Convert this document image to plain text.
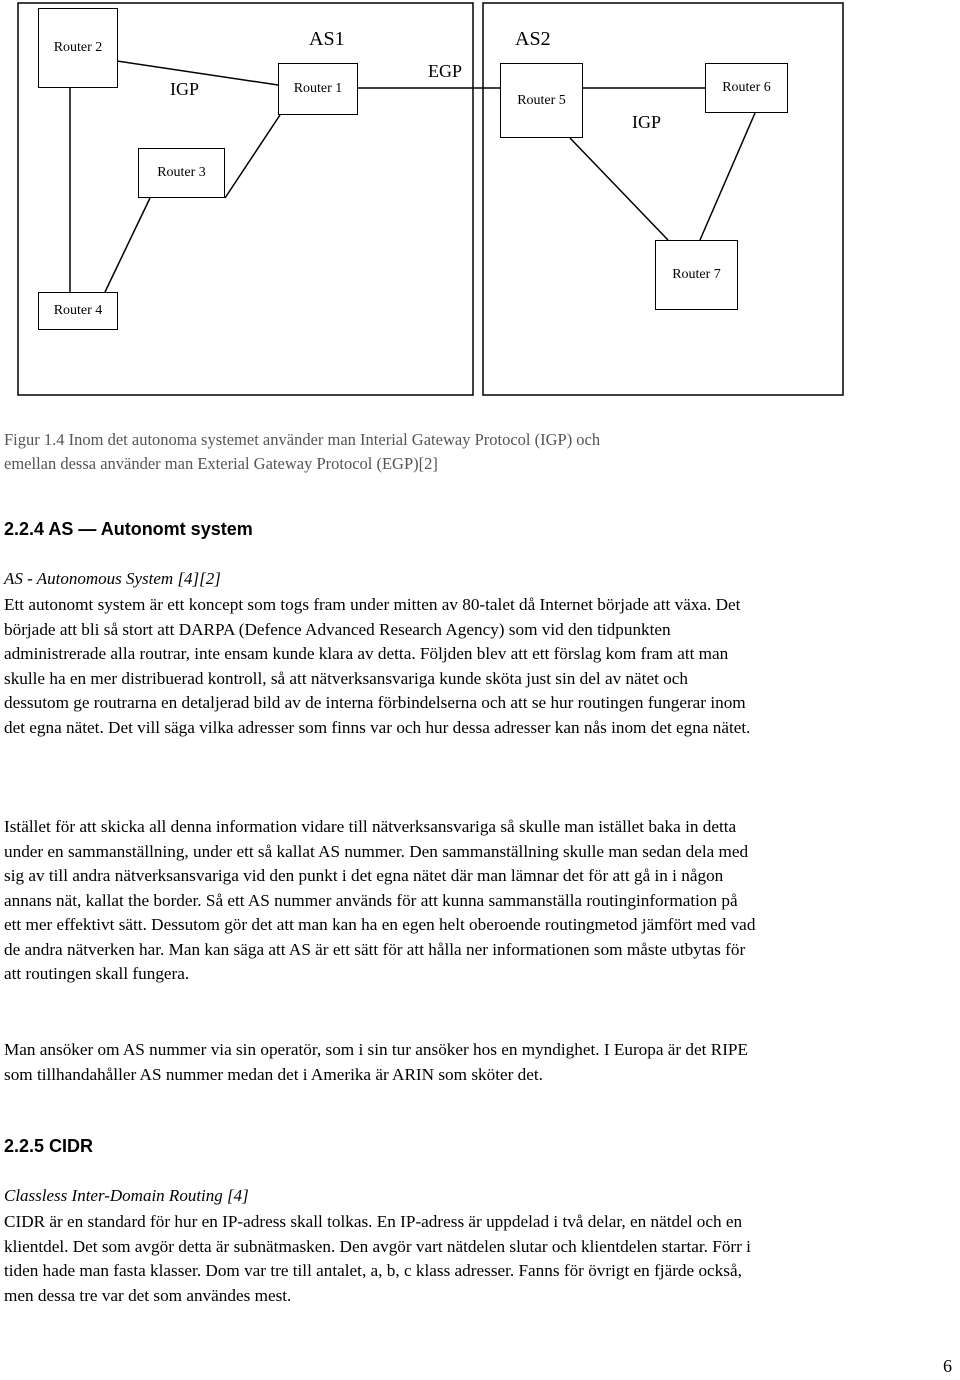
Router 2
Router 1
Router 3
Router 4
Router 5
Router 6
Router 7
AS1	AS2
EGP
IGP
IGP
Figur 1.4 Inom det autonoma systemet använder man Interial Gateway Protocol (IGP) och
emellan dessa använder man Exterial Gateway Protocol (EGP)[2]
2.2.4 AS — Autonomt system
AS - Autonomous System [4][2]

Ett autonomt system är ett koncept som togs fram under mitten av 80-talet då Internet började att växa. Det började att bli så stort att DARPA (Defence Advanced Research Agency) som vid den tidpunkten administrerade alla routrar, inte ensam kunde klara av detta. Följden blev att ett förslag kom fram att man skulle ha en mer distribuerad kontroll, så att nätverksansvariga kunde sköta just sin del av nätet och dessutom ge routrarna en detaljerad bild av de interna förbindelserna och att se hur routingen fungerar inom det egna nätet. Det vill säga vilka adresser som finns var och hur dessa adresser kan nås inom det egna nätet.

Istället för att skicka all denna information vidare till nätverksansvariga så skulle man istället baka in detta under en sammanställning, under ett så kallat AS nummer. Den sammanställning skulle man sedan dela med sig av till andra nätverksansvariga vid den punkt i det egna nätet där man lämnar det för att gå in i någon annans nät, kallat the border. Så ett AS nummer används för att kunna sammanställa routinginformation på ett mer effektivt sätt. Dessutom gör det att man kan ha en egen helt oberoende routingmetod jämfört med vad de andra nätverken har. Man kan säga att AS är ett sätt för att hålla ner informationen som måste utbytas för att routingen skall fungera.

Man ansöker om AS nummer via sin operatör, som i sin tur ansöker hos en myndighet. I Europa är det RIPE som tillhandahåller AS nummer medan det i Amerika är ARIN som sköter det.

2.2.5 CIDR
Classless Inter-Domain Routing [4]

CIDR är en standard för hur en IP-adress skall tolkas. En IP-adress är uppdelad i två delar, en nätdel och en klientdel. Det som avgör detta är subnätmasken. Den avgör vart nätdelen slutar och klientdelen startar. Förr i tiden hade man fasta klasser. Dom var tre till antalet, a, b, c klass adresser. Fanns för övrigt en fjärde också, men dessa tre var det som användes mest.

6
